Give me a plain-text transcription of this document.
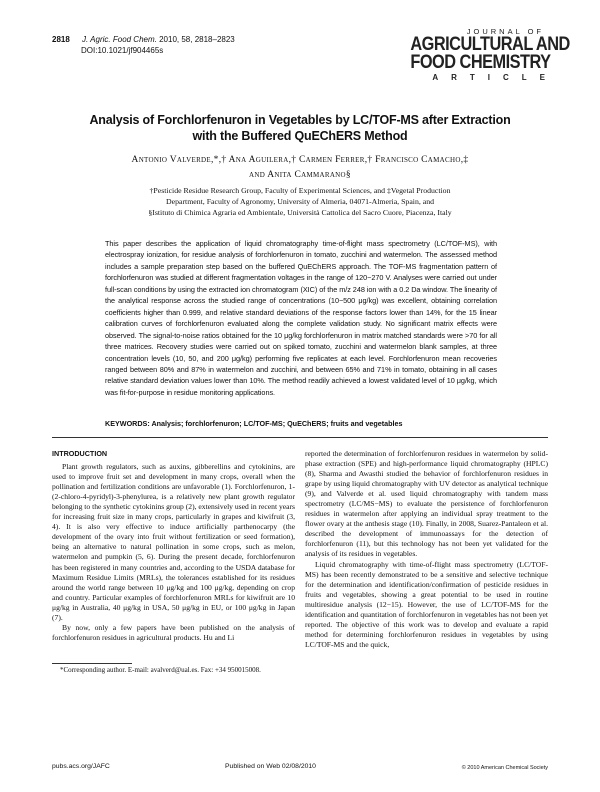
2818 J. Agric. Food Chem. 2010, 58, 2818–2823
DOI:10.1021/jf904465s
JOURNAL OF
AGRICULTURAL AND
FOOD CHEMISTRY
ARTICLE
Analysis of Forchlorfenuron in Vegetables by LC/TOF-MS after Extraction with the Buffered QuEChERS Method
Antonio Valverde,*,† Ana Aguilera,† Carmen Ferrer,† Francisco Camacho,‡
and Anita Cammarano§
†Pesticide Residue Research Group, Faculty of Experimental Sciences, and ‡Vegetal Production
Department, Faculty of Agronomy, University of Almeria, 04071-Almeria, Spain, and
§Istituto di Chimica Agraria ed Ambientale, Università Cattolica del Sacro Cuore, Piacenza, Italy
This paper describes the application of liquid chromatography time-of-flight mass spectrometry (LC/TOF-MS), with electrospray ionization, for residue analysis of forchlorfenuron in tomato, zucchini and watermelon. The assessed method includes a sample preparation step based on the buffered QuEChERS approach. The TOF-MS fragmentation pattern of forchlorfenuron was studied at different fragmentation voltages in the range of 120−270 V. Analyses were carried out under full-scan conditions by using the extracted ion chromatogram (XIC) of the m/z 248 ion with a 0.2 Da window. The linearity of the analytical response across the studied range of concentrations (10−500 μg/kg) was excellent, obtaining correlation coefficients higher than 0.999, and relative standard deviations of the response factors lower than 14%, for the 15 linear calibration curves of forchlorfenuron evaluated along the complete validation study. No significant matrix effects were observed. The signal-to-noise ratios obtained for the 10 μg/kg forchlorfenuron in matrix matched standards were >70 for all three matrices. Recovery studies were carried out on spiked tomato, zucchini and watermelon blank samples, at three concentration levels (10, 50, and 200 μg/kg) performing five replicates at each level. Forchlorfenuron mean recoveries ranged between 80% and 87% in watermelon and zucchini, and between 65% and 71% in tomato, obtaining in all cases relative standard deviation values lower than 10%. The method readily achieved a lowest validated level of 10 μg/kg, which was fit-for-purpose in residue monitoring applications.
KEYWORDS: Analysis; forchlorfenuron; LC/TOF-MS; QuEChERS; fruits and vegetables
INTRODUCTION

Plant growth regulators, such as auxins, gibberellins and cytokinins, are used to improve fruit set and development in many crops, overall when the pollination and fertilization conditions are unfavorable (1). Forchlorfenuron, 1-(2-chloro-4-pyridyl)-3-phenylurea, is a relatively new plant growth regulator belonging to the synthetic cytokinins group (2), extensively used in recent years for increasing fruit size in many crops, particularly in grapes and kiwifruit (3, 4). It is also very effective to induce artificially parthenocarpy (the development of the ovary into fruit without fertilization or seed formation), being an alternative to natural pollination in some crops, such as melon, watermelon and pumpkin (5, 6). During the present decade, forchlorfenuron has been registered in many countries and, according to the USDA database for Maximum Residue Limits (MRLs), the tolerances established for its residues around the world range between 10 μg/kg and 100 μg/kg, depending on crop and country. Particular examples of forchlorfenuron MRLs for kiwifruit are 10 μg/kg in Australia, 40 μg/kg in USA, 50 μg/kg in EU, or 100 μg/kg in Japan (7).

By now, only a few papers have been published on the analysis of forchlorfenuron residues in agricultural products. Hu and Li

reported the determination of forchlorfenuron residues in watermelon by solid-phase extraction (SPE) and high-performance liquid chromatography (HPLC) (8), Sharma and Awasthi studied the behavior of forchlorfenuron residues in grape by using liquid chromatography with UV detector as analytical technique (9), and Valverde et al. used liquid chromatography with tandem mass spectrometry (LC/MS−MS) to evaluate the persistence of forchlorfenuron residues in watermelon after applying an individual spray treatment to the flower ovary at the anthesis stage (10). Finally, in 2008, Suarez-Pantaleon et al. described the development of immunoassays for the detection of forchlorfenuron (11), but this technology has not been yet validated for the analysis of its residues in vegetables.

Liquid chromatography with time-of-flight mass spectrometry (LC/TOF-MS) has been recently demonstrated to be a sensitive and selective technique for the determination and identification/confirmation of pesticide residues in fruits and vegetables, showing a great potential to be used in routine multiresidue analysis (12−15). However, the use of LC/TOF-MS for the identification and quantitation of forchlorfenuron in vegetables has not been yet reported. The objective of this work was to develop and evaluate a rapid method for determining forchlorfenuron residues in vegetables by using LC/TOF-MS and the quick,

*Corresponding author. E-mail: avalverd@ual.es. Fax: +34 950015008.
pubs.acs.org/JAFC	Published on Web 02/08/2010	© 2010 American Chemical Society
